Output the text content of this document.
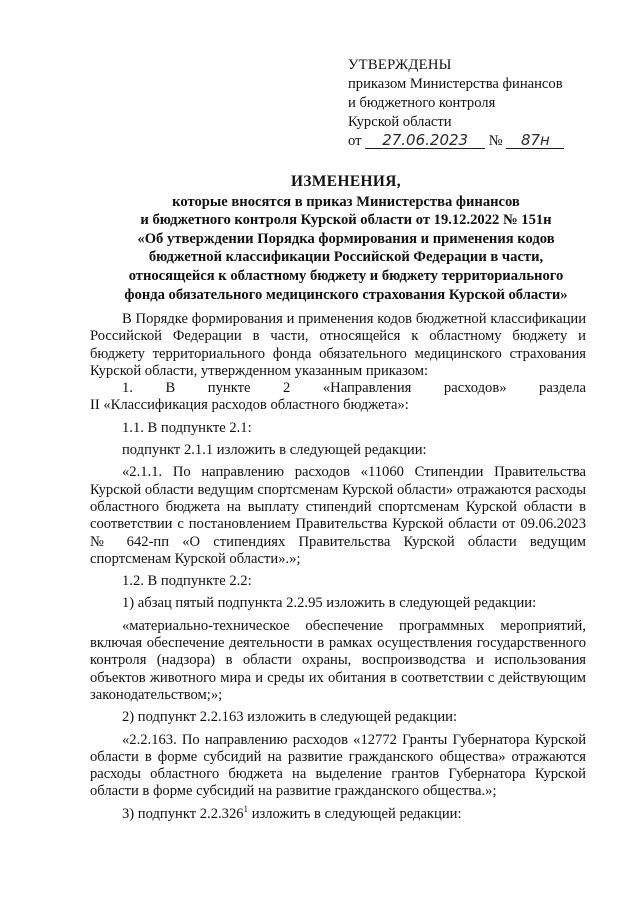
УТВЕРЖДЕНЫ
приказом Министерства финансов
и бюджетного контроля
Курской области
от 27.06.2023 № 87н
ИЗМЕНЕНИЯ,
которые вносятся в приказ Министерства финансов
и бюджетного контроля Курской области от 19.12.2022 № 151н
«Об утверждении Порядка формирования и применения кодов
бюджетной классификации Российской Федерации в части,
относящейся к областному бюджету и бюджету территориального
фонда обязательного медицинского страхования Курской области»

В Порядке формирования и применения кодов бюджетной классификации Российской Федерации в части, относящейся к областному бюджету и бюджету территориального фонда обязательного медицинского страхования Курской области, утвержденном указанным приказом:

1. В пункте 2 «Направления расходов» раздела

II «Классификация расходов областного бюджета»:

1.1. В подпункте 2.1:

подпункт 2.1.1 изложить в следующей редакции:

«2.1.1. По направлению расходов «11060 Стипендии Правительства Курской области ведущим спортсменам Курской области» отражаются расходы областного бюджета на выплату стипендий спортсменам Курской области в соответствии с постановлением Правительства Курской области от 09.06.2023 № 642-пп «О стипендиях Правительства Курской области ведущим спортсменам Курской области».»;

1.2. В подпункте 2.2:

1) абзац пятый подпункта 2.2.95 изложить в следующей редакции:

«материально-техническое обеспечение программных мероприятий, включая обеспечение деятельности в рамках осуществления государственного контроля (надзора) в области охраны, воспроизводства и использования объектов животного мира и среды их обитания в соответствии с действующим законодательством;»;

2) подпункт 2.2.163 изложить в следующей редакции:

«2.2.163. По направлению расходов «12772 Гранты Губернатора Курской области в форме субсидий на развитие гражданского общества» отражаются расходы областного бюджета на выделение грантов Губернатора Курской области в форме субсидий на развитие гражданского общества.»;

3) подпункт 2.2.326$^1$ изложить в следующей редакции:
